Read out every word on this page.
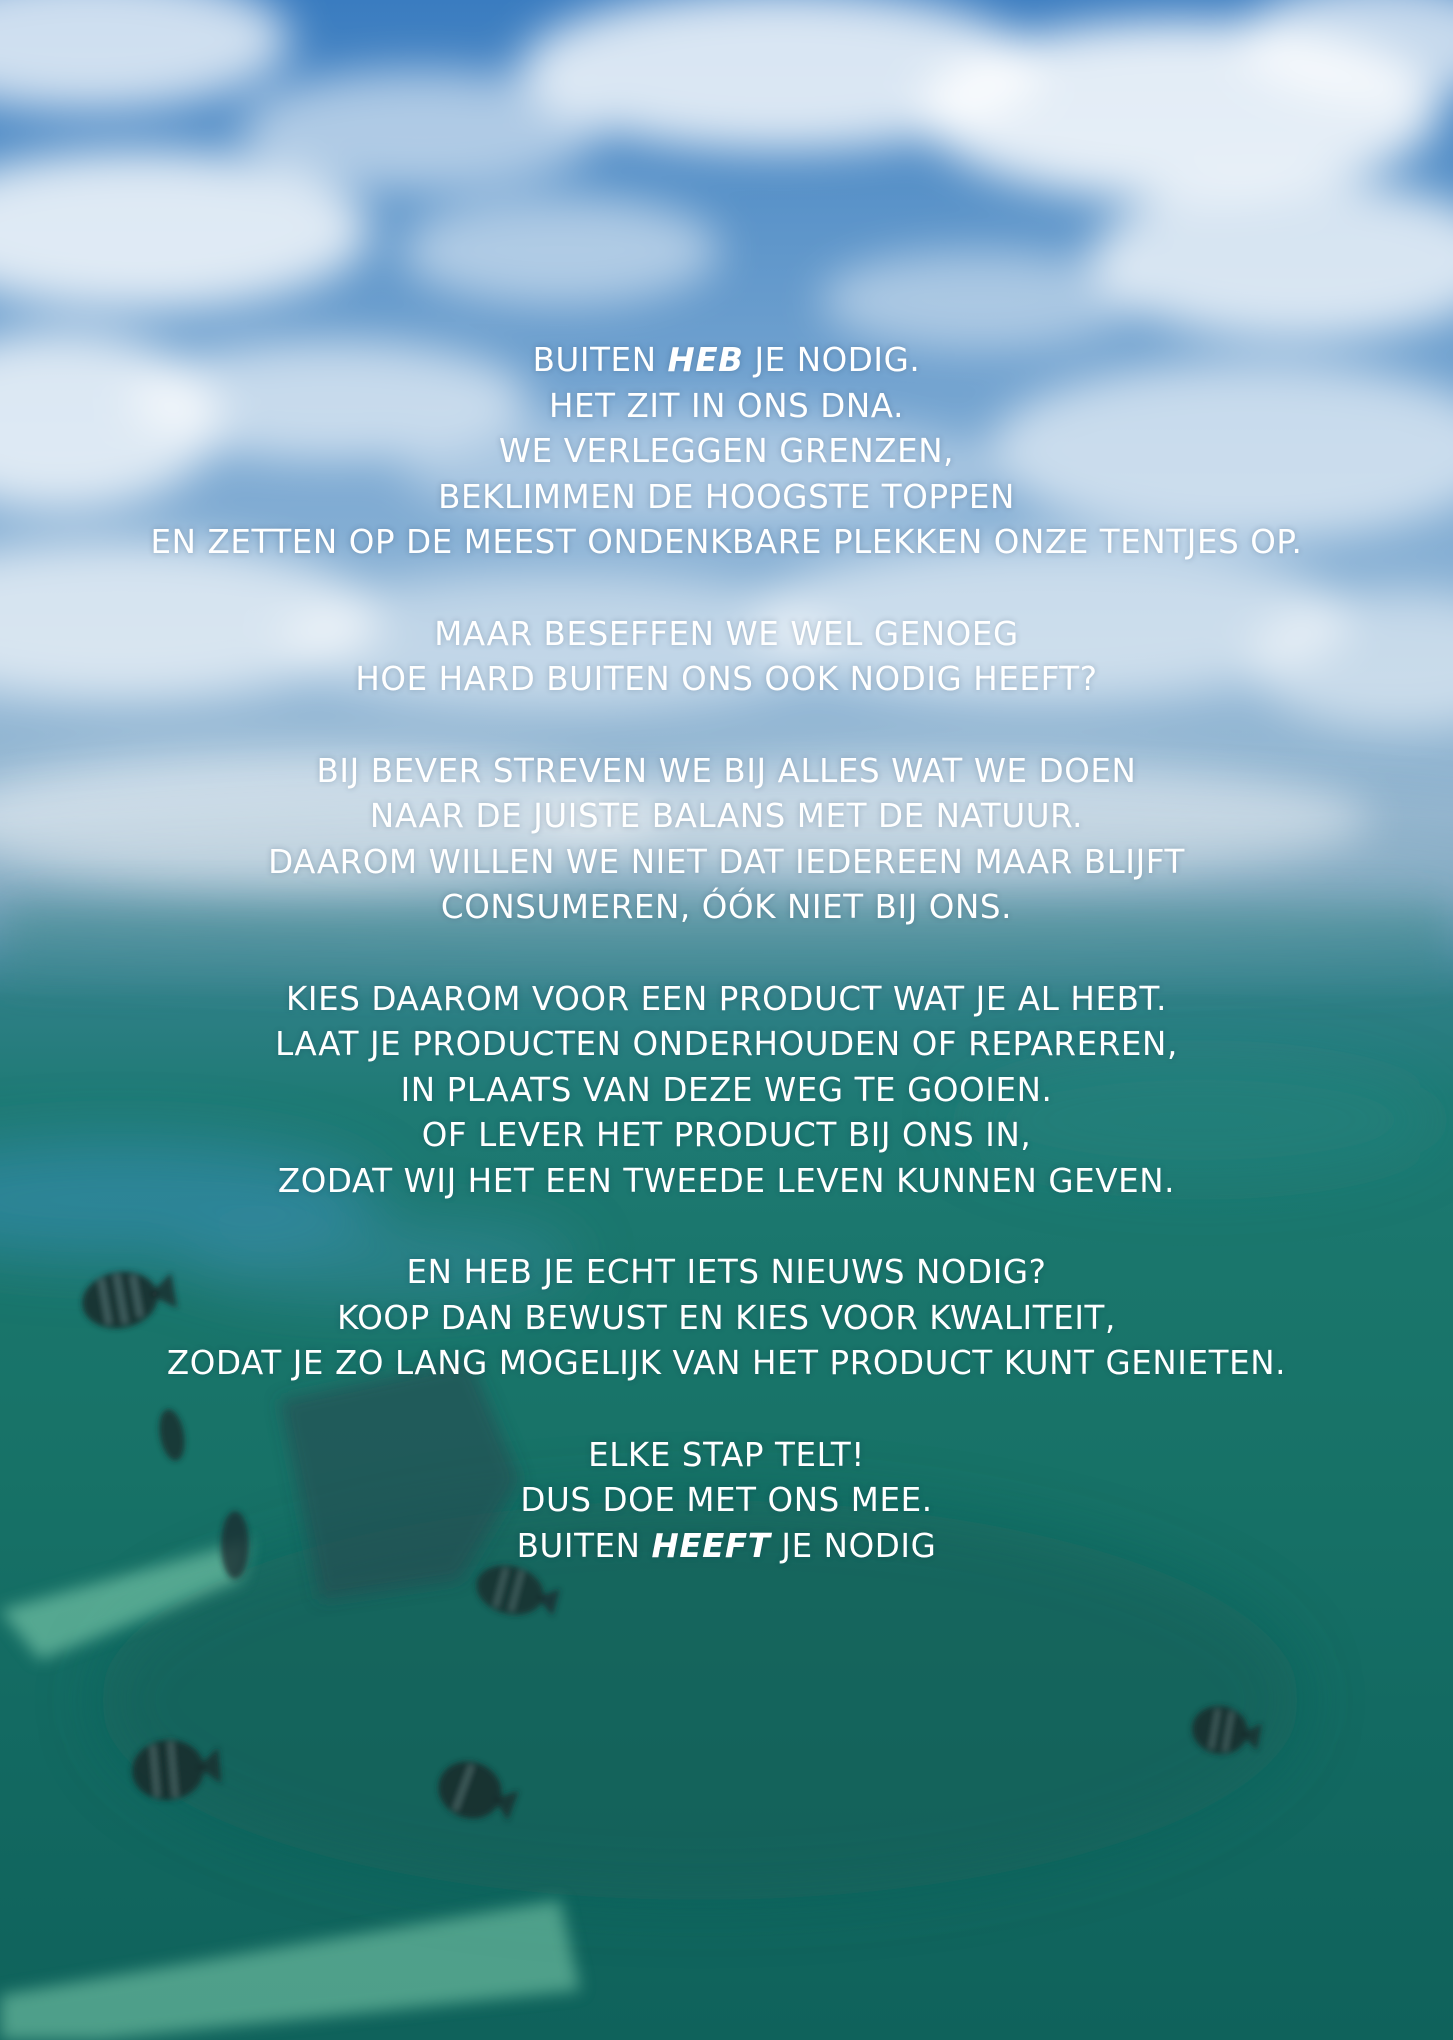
BUITEN HEB JE NODIG.
HET ZIT IN ONS DNA.
WE VERLEGGEN GRENZEN,
BEKLIMMEN DE HOOGSTE TOPPEN
EN ZETTEN OP DE MEEST ONDENKBARE PLEKKEN ONZE TENTJES OP.
MAAR BESEFFEN WE WEL GENOEG
HOE HARD BUITEN ONS OOK NODIG HEEFT?
BIJ BEVER STREVEN WE BIJ ALLES WAT WE DOEN
NAAR DE JUISTE BALANS MET DE NATUUR.
DAAROM WILLEN WE NIET DAT IEDEREEN MAAR BLIJFT
CONSUMEREN, ÓÓK NIET BIJ ONS.
KIES DAAROM VOOR EEN PRODUCT WAT JE AL HEBT.
LAAT JE PRODUCTEN ONDERHOUDEN OF REPAREREN,
IN PLAATS VAN DEZE WEG TE GOOIEN.
OF LEVER HET PRODUCT BIJ ONS IN,
ZODAT WIJ HET EEN TWEEDE LEVEN KUNNEN GEVEN.
EN HEB JE ECHT IETS NIEUWS NODIG?
KOOP DAN BEWUST EN KIES VOOR KWALITEIT,
ZODAT JE ZO LANG MOGELIJK VAN HET PRODUCT KUNT GENIETEN.
ELKE STAP TELT!
DUS DOE MET ONS MEE.
BUITEN HEEFT JE NODIG
